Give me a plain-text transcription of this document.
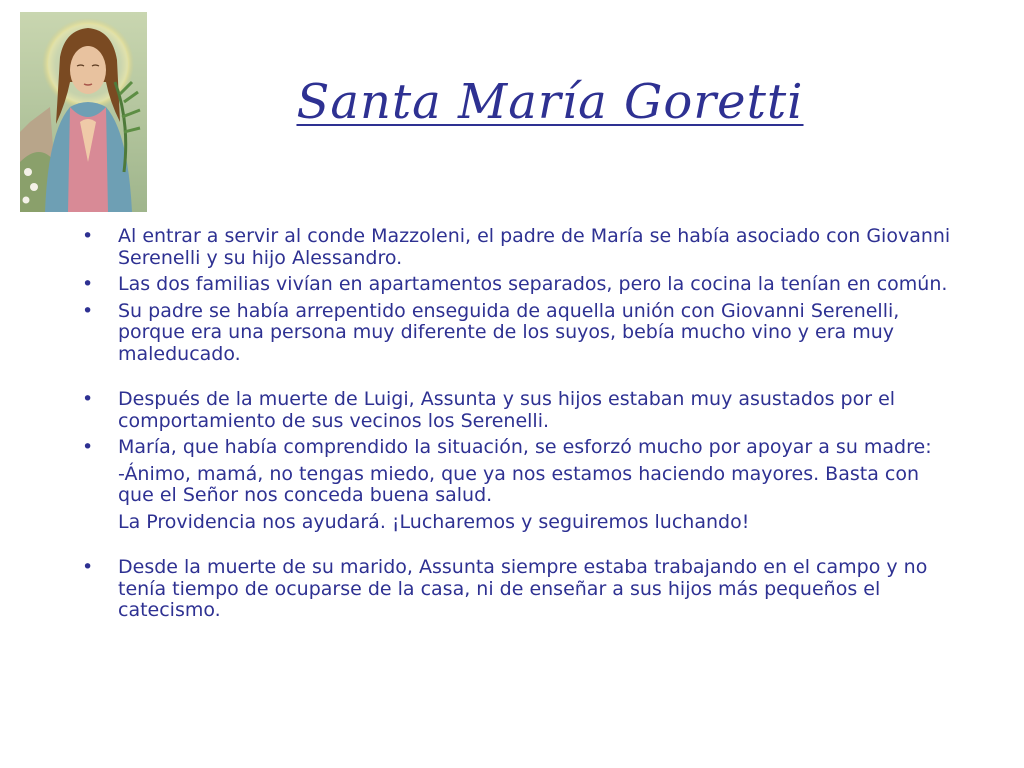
Santa María Goretti
• Al entrar a servir al conde Mazzoleni, el padre de María se había asociado con Giovanni Serenelli y su hijo Alessandro.
• Las dos familias vivían en apartamentos separados, pero la cocina la tenían en común.
• Su padre se había arrepentido enseguida de aquella unión con Giovanni Serenelli, porque era una persona muy diferente de los suyos, bebía mucho vino y era muy maleducado.
• Después de la muerte de Luigi, Assunta y sus hijos estaban muy asustados por el comportamiento de sus vecinos los Serenelli.
• María, que había comprendido la situación, se esforzó mucho por apoyar a su madre:
-Ánimo, mamá, no tengas miedo, que ya nos estamos haciendo mayores. Basta con que el Señor nos conceda buena salud.
La Providencia nos ayudará. ¡Lucharemos y seguiremos luchando!
• Desde la muerte de su marido, Assunta siempre estaba trabajando en el campo y no tenía tiempo de ocuparse de la casa, ni de enseñar a sus hijos más pequeños el catecismo.
